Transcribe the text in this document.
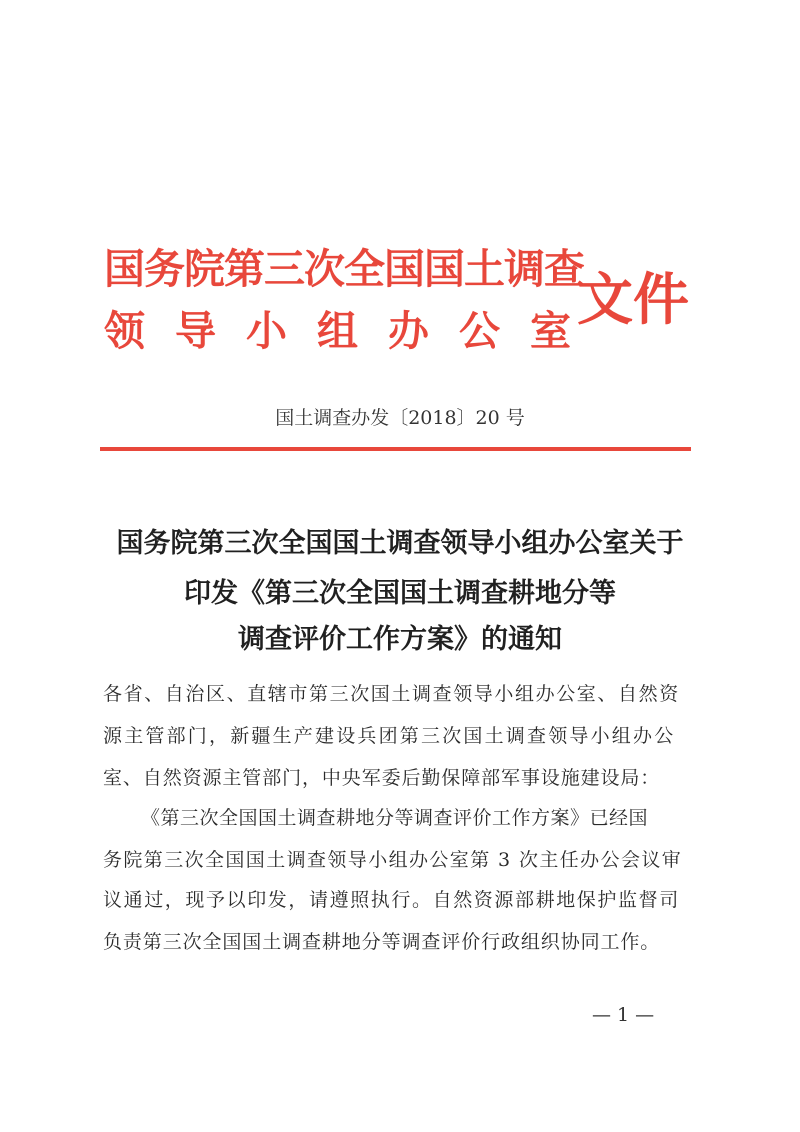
国务院第三次全国国土调查
领导小组办公室
文件
国土调查办发〔2018〕20 号
国务院第三次全国国土调查领导小组办公室关于
印发《第三次全国国土调查耕地分等
调查评价工作方案》的通知
各省、自治区、直辖市第三次国土调查领导小组办公室、自然资
源主管部门，新疆生产建设兵团第三次国土调查领导小组办公
室、自然资源主管部门，中央军委后勤保障部军事设施建设局：
《第三次全国国土调查耕地分等调查评价工作方案》已经国
务院第三次全国国土调查领导小组办公室第 3 次主任办公会议审
议通过，现予以印发，请遵照执行。自然资源部耕地保护监督司
负责第三次全国国土调查耕地分等调查评价行政组织协同工作。
— 1 —
